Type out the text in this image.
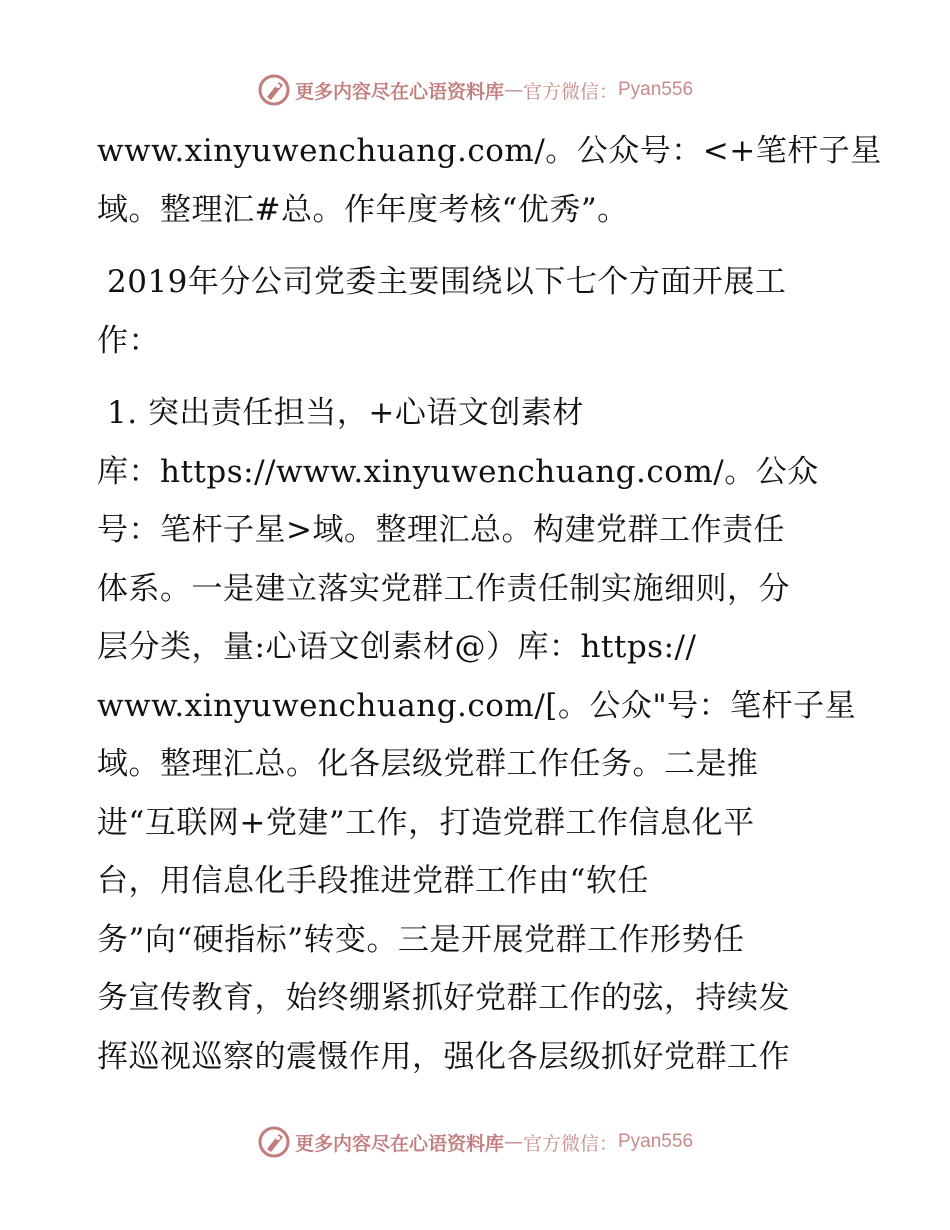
更多内容尽在心语资料库 — 官方微信： Pyan556

www.xinyuwenchuang.com/。公众号：<+笔杆子星
域。整理汇#总。作年度考核“优秀”。

2019年分公司党委主要围绕以下七个方面开展工
作：

1. 突出责任担当，+心语文创素材
库：https://www.xinyuwenchuang.com/。公众
号：笔杆子星>域。整理汇总。构建党群工作责任
体系。一是建立落实党群工作责任制实施细则，分
层分类，量:心语文创素材@）库：https://
www.xinyuwenchuang.com/[。公众"号：笔杆子星
域。整理汇总。化各层级党群工作任务。二是推
进“互联网+党建”工作，打造党群工作信息化平
台，用信息化手段推进党群工作由“软任
务”向“硬指标”转变。三是开展党群工作形势任
务宣传教育，始终绷紧抓好党群工作的弦，持续发
挥巡视巡察的震慑作用，强化各层级抓好党群工作

更多内容尽在心语资料库 — 官方微信： Pyan556
